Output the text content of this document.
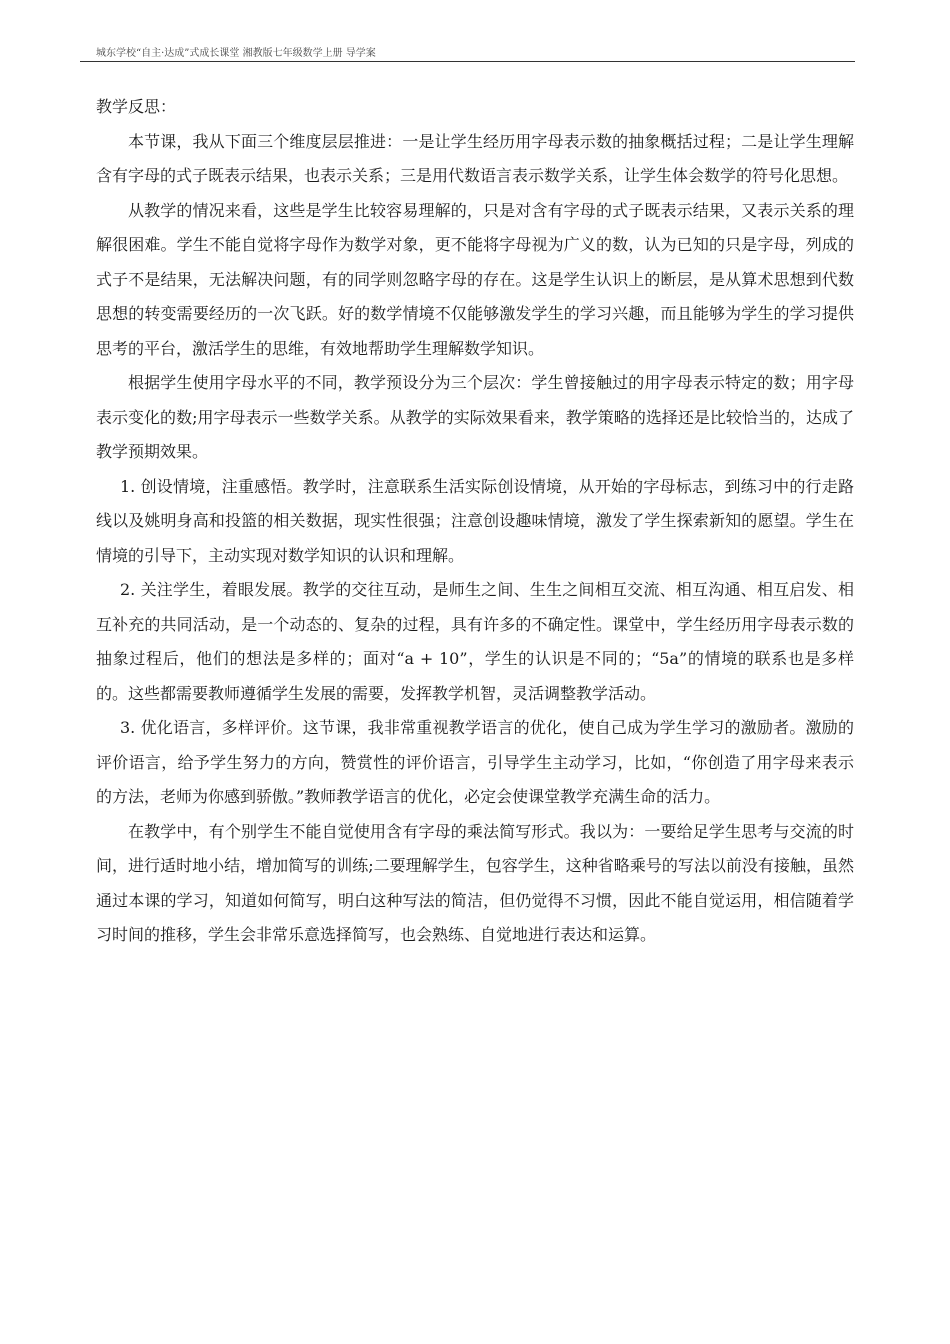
城东学校“自主·达成”式成长课堂 湘教版七年级数学上册 导学案

教学反思：

本节课，我从下面三个维度层层推进：一是让学生经历用字母表示数的抽象概括过程；二是让学生理解含有字母的式子既表示结果，也表示关系；三是用代数语言表示数学关系，让学生体会数学的符号化思想。

从教学的情况来看，这些是学生比较容易理解的，只是对含有字母的式子既表示结果，又表示关系的理解很困难。学生不能自觉将字母作为数学对象，更不能将字母视为广义的数，认为已知的只是字母，列成的式子不是结果，无法解决问题，有的同学则忽略字母的存在。这是学生认识上的断层，是从算术思想到代数思想的转变需要经历的一次飞跃。好的数学情境不仅能够激发学生的学习兴趣，而且能够为学生的学习提供思考的平台，激活学生的思维，有效地帮助学生理解数学知识。

根据学生使用字母水平的不同，教学预设分为三个层次：学生曾接触过的用字母表示特定的数；用字母表示变化的数;用字母表示一些数学关系。从教学的实际效果看来，教学策略的选择还是比较恰当的，达成了教学预期效果。

1. 创设情境，注重感悟。教学时，注意联系生活实际创设情境，从开始的字母标志，到练习中的行走路线以及姚明身高和投篮的相关数据，现实性很强；注意创设趣味情境，激发了学生探索新知的愿望。学生在情境的引导下，主动实现对数学知识的认识和理解。

2. 关注学生，着眼发展。教学的交往互动，是师生之间、生生之间相互交流、相互沟通、相互启发、相互补充的共同活动，是一个动态的、复杂的过程，具有许多的不确定性。课堂中，学生经历用字母表示数的抽象过程后，他们的想法是多样的；面对“a + 10”，学生的认识是不同的；“5a”的情境的联系也是多样的。这些都需要教师遵循学生发展的需要，发挥教学机智，灵活调整教学活动。

3. 优化语言，多样评价。这节课，我非常重视教学语言的优化，使自己成为学生学习的激励者。激励的评价语言，给予学生努力的方向，赞赏性的评价语言，引导学生主动学习，比如，“你创造了用字母来表示的方法，老师为你感到骄傲。”教师教学语言的优化，必定会使课堂教学充满生命的活力。

在教学中，有个别学生不能自觉使用含有字母的乘法简写形式。我以为：一要给足学生思考与交流的时间，进行适时地小结，增加简写的训练;二要理解学生，包容学生，这种省略乘号的写法以前没有接触，虽然通过本课的学习，知道如何简写，明白这种写法的简洁，但仍觉得不习惯，因此不能自觉运用，相信随着学习时间的推移，学生会非常乐意选择简写，也会熟练、自觉地进行表达和运算。
